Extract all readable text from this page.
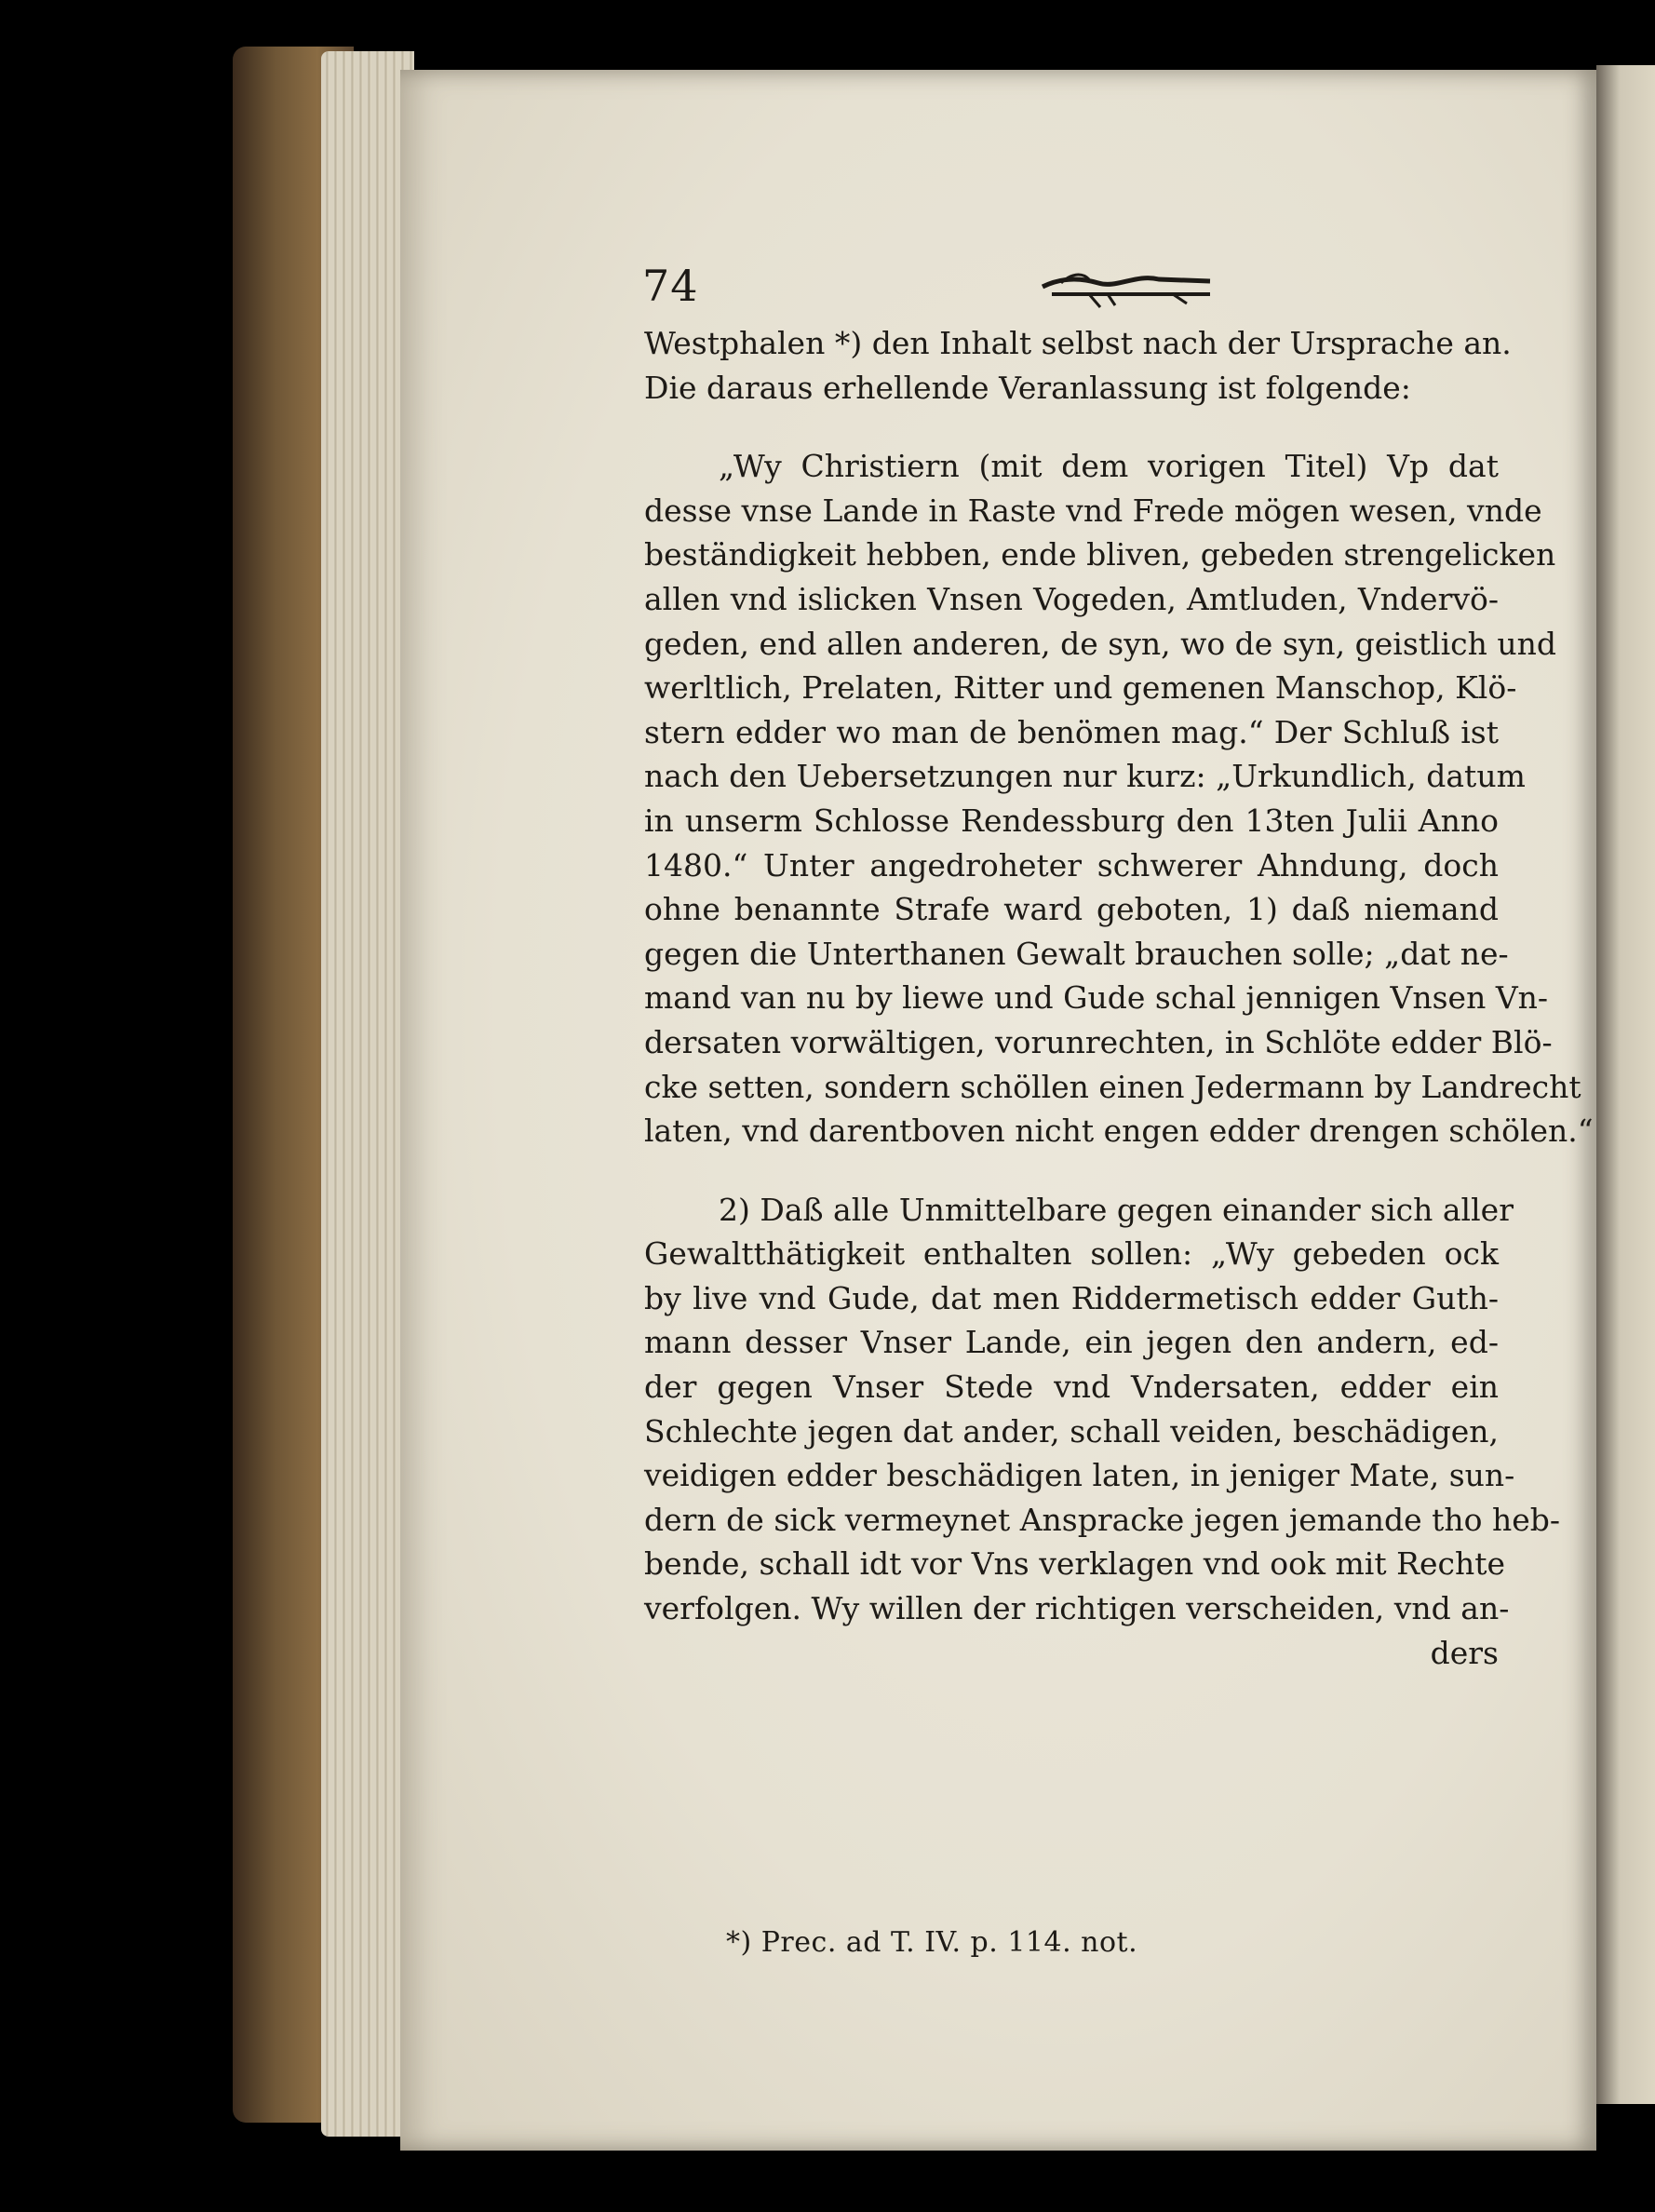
74
Westphalen *) den Inhalt selbst nach der Ursprache an.
Die daraus erhellende Veranlassung ist folgende:
„Wy Christiern (mit dem vorigen Titel) Vp dat
desse vnse Lande in Raste vnd Frede mögen wesen, vnde
beständigkeit hebben, ende bliven, gebeden strengelicken
allen vnd islicken Vnsen Vogeden, Amtluden, Vndervö-
geden, end allen anderen, de syn, wo de syn, geistlich und
werltlich, Prelaten, Ritter und gemenen Manschop, Klö-
stern edder wo man de benömen mag.“ Der Schluß ist
nach den Uebersetzungen nur kurz: „Urkundlich, datum
in unserm Schlosse Rendessburg den 13ten Julii Anno
1480.“ Unter angedroheter schwerer Ahndung, doch
ohne benannte Strafe ward geboten, 1) daß niemand
gegen die Unterthanen Gewalt brauchen solle; „dat ne-
mand van nu by liewe und Gude schal jennigen Vnsen Vn-
dersaten vorwältigen, vorunrechten, in Schlöte edder Blö-
cke setten, sondern schöllen einen Jedermann by Landrecht
laten, vnd darentboven nicht engen edder drengen schölen.“
2) Daß alle Unmittelbare gegen einander sich aller
Gewaltthätigkeit enthalten sollen: „Wy gebeden ock
by live vnd Gude, dat men Riddermetisch edder Guth-
mann desser Vnser Lande, ein jegen den andern, ed-
der gegen Vnser Stede vnd Vndersaten, edder ein
Schlechte jegen dat ander, schall veiden, beschädigen,
veidigen edder beschädigen laten, in jeniger Mate, sun-
dern de sick vermeynet Anspracke jegen jemande tho heb-
bende, schall idt vor Vns verklagen vnd ook mit Rechte
verfolgen. Wy willen der richtigen verscheiden, vnd an-
ders
*) Prec. ad T. IV. p. 114. not.
